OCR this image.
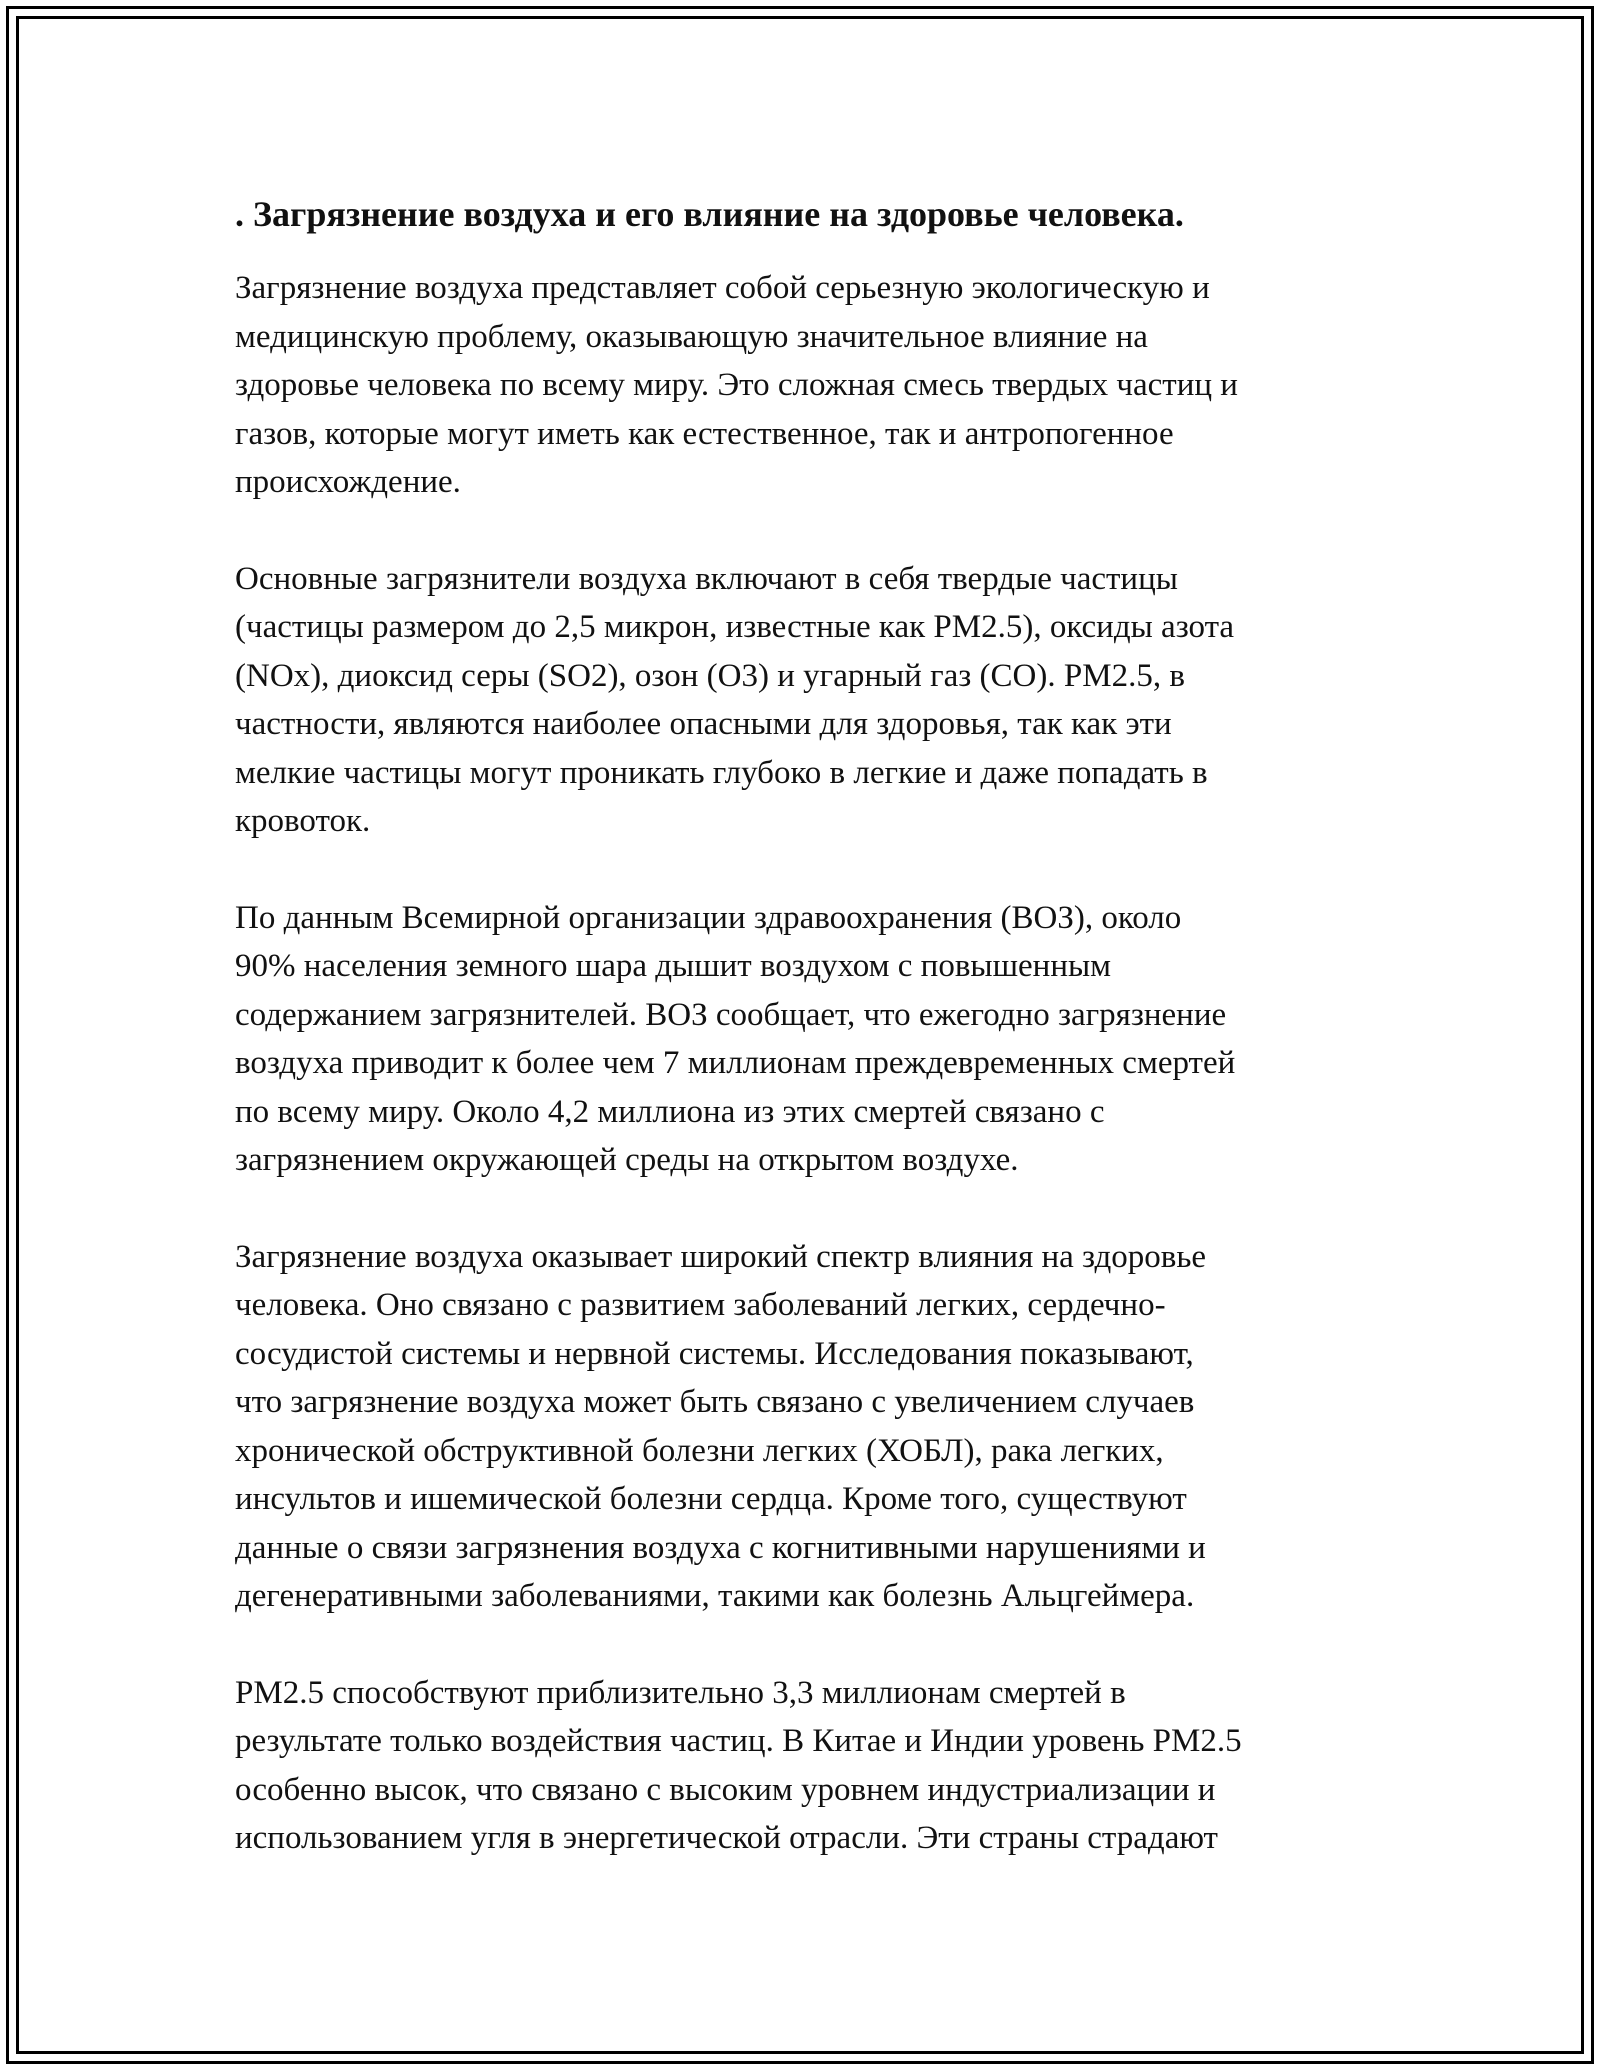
. Загрязнение воздуха и его влияние на здоровье человека.

Загрязнение воздуха представляет собой серьезную экологическую и
медицинскую проблему, оказывающую значительное влияние на
здоровье человека по всему миру. Это сложная смесь твердых частиц и
газов, которые могут иметь как естественное, так и антропогенное
происхождение.

Основные загрязнители воздуха включают в себя твердые частицы
(частицы размером до 2,5 микрон, известные как PM2.5), оксиды азота
(NOx), диоксид серы (SO2), озон (O3) и угарный газ (CO). PM2.5, в
частности, являются наиболее опасными для здоровья, так как эти
мелкие частицы могут проникать глубоко в легкие и даже попадать в
кровоток.

По данным Всемирной организации здравоохранения (ВОЗ), около
90% населения земного шара дышит воздухом с повышенным
содержанием загрязнителей. ВОЗ сообщает, что ежегодно загрязнение
воздуха приводит к более чем 7 миллионам преждевременных смертей
по всему миру. Около 4,2 миллиона из этих смертей связано с
загрязнением окружающей среды на открытом воздухе.

Загрязнение воздуха оказывает широкий спектр влияния на здоровье
человека. Оно связано с развитием заболеваний легких, сердечно-
сосудистой системы и нервной системы. Исследования показывают,
что загрязнение воздуха может быть связано с увеличением случаев
хронической обструктивной болезни легких (ХОБЛ), рака легких,
инсультов и ишемической болезни сердца. Кроме того, существуют
данные о связи загрязнения воздуха с когнитивными нарушениями и
дегенеративными заболеваниями, такими как болезнь Альцгеймера.

PM2.5 способствуют приблизительно 3,3 миллионам смертей в
результате только воздействия частиц. В Китае и Индии уровень PM2.5
особенно высок, что связано с высоким уровнем индустриализации и
использованием угля в энергетической отрасли. Эти страны страдают
